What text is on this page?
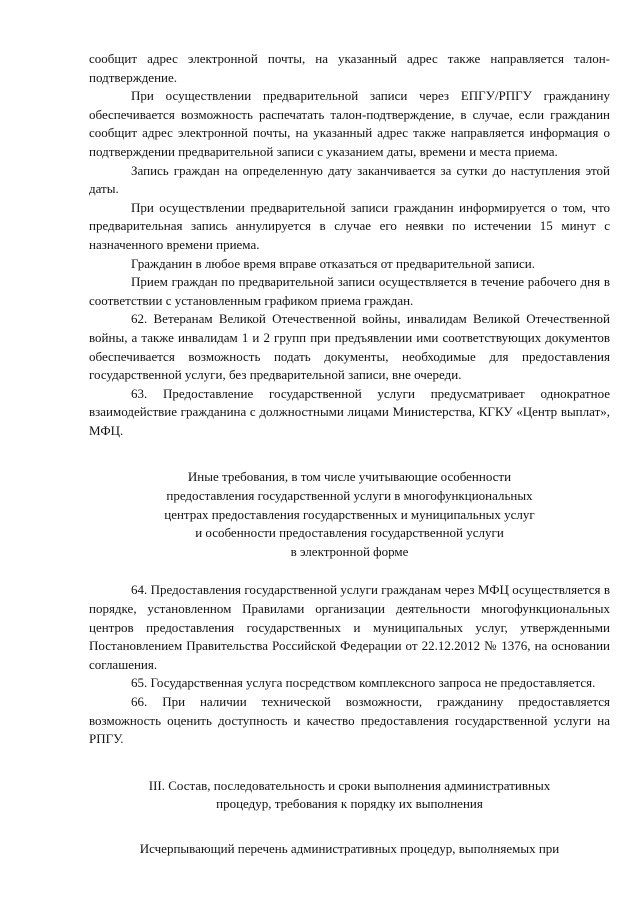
сообщит адрес электронной почты, на указанный адрес также направляется талон-подтверждение.

При осуществлении предварительной записи через ЕПГУ/РПГУ гражданину обеспечивается возможность распечатать талон-подтверждение, в случае, если гражданин сообщит адрес электронной почты, на указанный адрес также направляется информация о подтверждении предварительной записи с указанием даты, времени и места приема.

Запись граждан на определенную дату заканчивается за сутки до наступления этой даты.

При осуществлении предварительной записи гражданин информируется о том, что предварительная запись аннулируется в случае его неявки по истечении 15 минут с назначенного времени приема.

Гражданин в любое время вправе отказаться от предварительной записи.

Прием граждан по предварительной записи осуществляется в течение рабочего дня в соответствии с установленным графиком приема граждан.

62. Ветеранам Великой Отечественной войны, инвалидам Великой Отечественной войны, а также инвалидам 1 и 2 групп при предъявлении ими соответствующих документов обеспечивается возможность подать документы, необходимые для предоставления государственной услуги, без предварительной записи, вне очереди.

63. Предоставление государственной услуги предусматривает однократное взаимодействие гражданина с должностными лицами Министерства, КГКУ «Центр выплат», МФЦ.

Иные требования, в том числе учитывающие особенности
предоставления государственной услуги в многофункциональных
центрах предоставления государственных и муниципальных услуг
и особенности предоставления государственной услуги
в электронной форме

64. Предоставления государственной услуги гражданам через МФЦ осуществляется в порядке, установленном Правилами организации деятельности многофункциональных центров предоставления государственных и муниципальных услуг, утвержденными Постановлением Правительства Российской Федерации от 22.12.2012 № 1376, на основании соглашения.

65. Государственная услуга посредством комплексного запроса не предоставляется.

66. При наличии технической возможности, гражданину предоставляется возможность оценить доступность и качество предоставления государственной услуги на РПГУ.

III. Состав, последовательность и сроки выполнения административных
процедур, требования к порядку их выполнения
Исчерпывающий перечень административных процедур, выполняемых при
